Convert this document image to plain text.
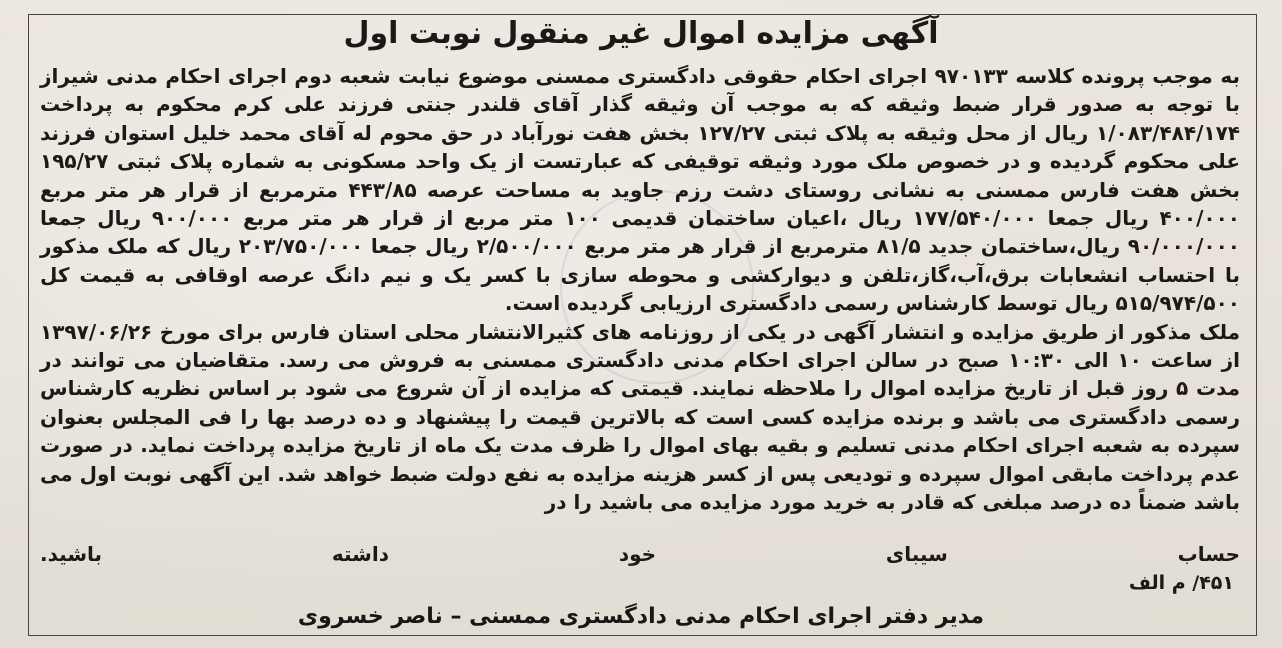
آگهی مزایده اموال غیر منقول نوبت اول

به موجب پرونده کلاسه ۹۷۰۱۳۳ اجرای احکام حقوقی دادگستری ممسنی موضوع نیابت شعبه دوم اجرای احکام مدنی شیراز با توجه به صدور قرار ضبط وثیقه که به موجب آن وثیقه گذار آقای قلندر جنتی فرزند علی کرم محکوم به پرداخت ۱/۰۸۳/۴۸۴/۱۷۴ ریال از محل وثیقه به پلاک ثبتی ۱۲۷/۲۷ بخش هفت نورآباد در حق محوم له آقای محمد خلیل استوان فرزند علی محکوم گردیده و در خصوص ملک مورد وثیقه توقیفی که عبارتست از یک واحد مسکونی به شماره پلاک ثبتی ۱۹۵/۲۷ بخش هفت فارس ممسنی به نشانی روستای دشت رزم جاوید به مساحت عرصه ۴۴۳/۸۵ مترمربع از قرار هر متر مربع ۴۰۰/۰۰۰ ریال جمعا ۱۷۷/۵۴۰/۰۰۰ ریال ،اعیان ساختمان قدیمی ۱۰۰ متر مربع از قرار هر متر مربع ۹۰۰/۰۰۰ ریال جمعا ۹۰/۰۰۰/۰۰۰ ریال،ساختمان جدید ۸۱/۵ مترمربع از قرار هر متر مربع ۲/۵۰۰/۰۰۰ ریال جمعا ۲۰۳/۷۵۰/۰۰۰ ریال که ملک مذکور با احتساب انشعابات برق،آب،گاز،تلفن و دیوارکشی و محوطه سازی با کسر یک و نیم دانگ عرصه اوقافی به قیمت کل ۵۱۵/۹۷۴/۵۰۰ ریال توسط کارشناس رسمی دادگستری ارزیابی گردیده است.

ملک مذکور از طریق مزایده و انتشار آگهی در یکی از روزنامه های کثیرالانتشار محلی استان فارس برای مورخ ۱۳۹۷/۰۶/۲۶ از ساعت ۱۰ الی ۱۰:۳۰ صبح در سالن اجرای احکام مدنی دادگستری ممسنی به فروش می رسد. متقاضیان می توانند در مدت ۵ روز قبل از تاریخ مزایده اموال را ملاحظه نمایند. قیمتی که مزایده از آن شروع می شود بر اساس نظریه کارشناس رسمی دادگستری می باشد و برنده مزایده کسی است که بالاترین قیمت را پیشنهاد و ده درصد بها را فی المجلس بعنوان سپرده به شعبه اجرای احکام مدنی تسلیم و بقیه بهای اموال را ظرف مدت یک ماه از تاریخ مزایده پرداخت نماید. در صورت عدم پرداخت مابقی اموال سپرده و تودیعی پس از کسر هزینه مزایده به نفع دولت ضبط خواهد شد. این آگهی نوبت اول می باشد ضمناً ده درصد مبلغی که قادر به خرید مورد مزایده می باشید را در

حساب
سیبای
خود
داشته
باشید.
۴۵۱/ م الف
مدیر دفتر اجرای احکام مدنی دادگستری ممسنی – ناصر خسروی
